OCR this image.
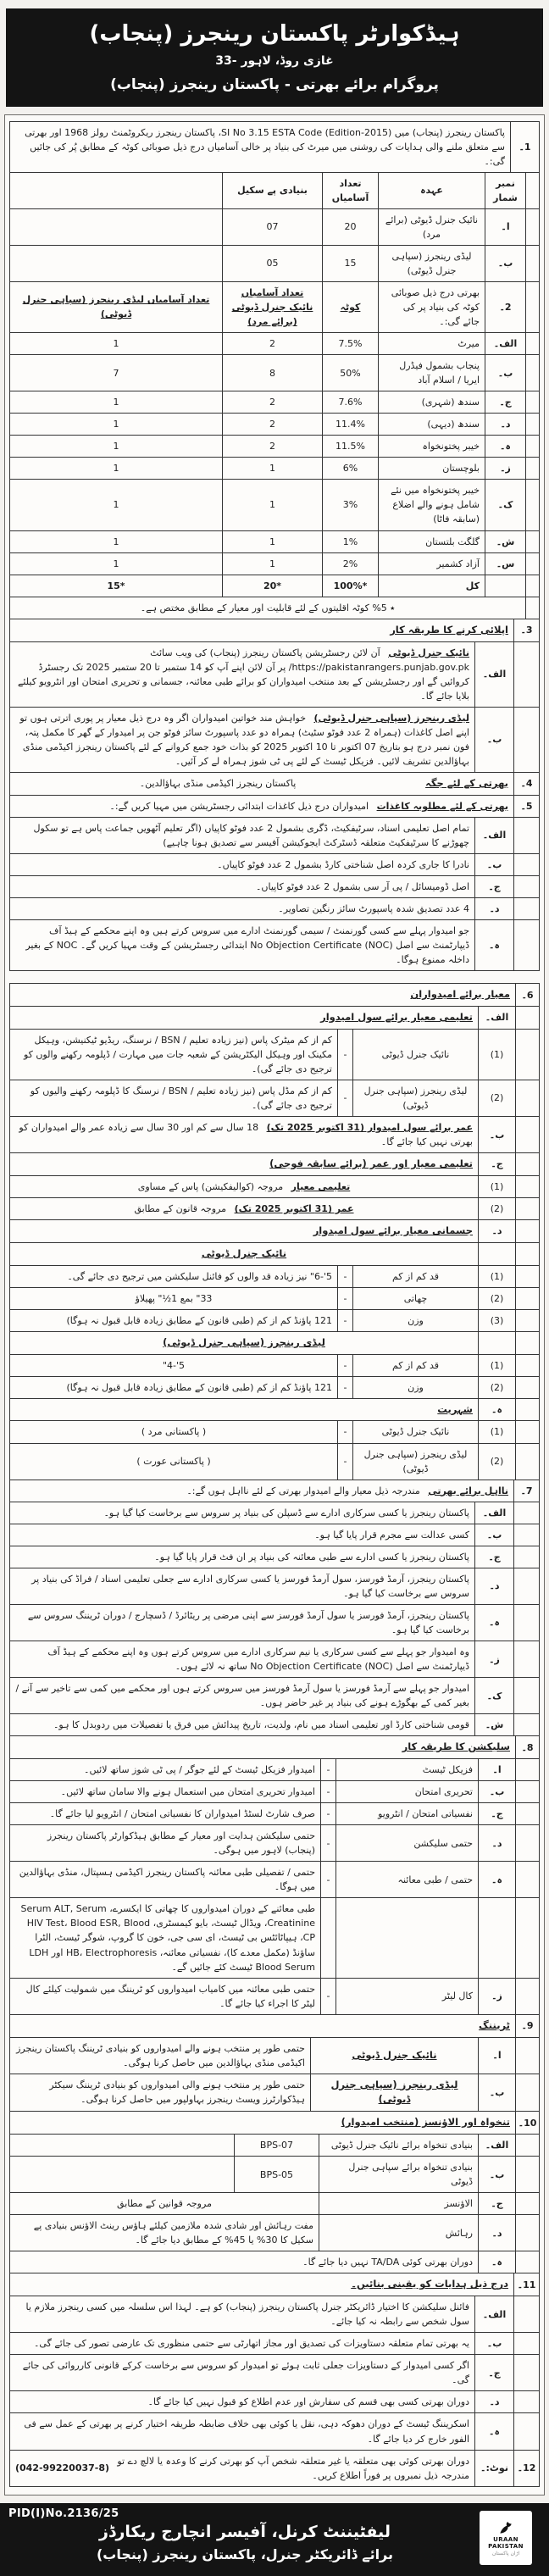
ہیڈکوارٹر پاکستان رینجرز (پنجاب)
غازی روڈ، لاہور -33
پروگرام برائے بھرتی - پاکستان رینجرز (پنجاب)
1۔	پاکستان رینجرز (پنجاب) میں SI No 3.15 ESTA Code (Edition-2015)، پاکستان رینجرز ریکروٹمنٹ رولز 1968 اور بھرتی سے متعلق ملنے والی ہدایات کی روشنی میں میرٹ کی بنیاد پر خالی آسامیاں درج ذیل صوبائی کوٹہ کے مطابق پُر کی جائیں گی:۔
	نمبر شمار	عہدہ	تعداد آسامیاں	بنیادی پے سکیل	
	ا۔	نائیک جنرل ڈیوٹی (برائے مرد)	20	07	
	ب۔	لیڈی رینجرز (سپاہی جنرل ڈیوٹی)	15	05	
	2۔	بھرتی درج ذیل صوبائی کوٹہ کی بنیاد پر کی جائے گی:۔	کوٹہ	تعداد آسامیاں نائیک جنرل ڈیوٹی (برائے مرد)	تعداد آسامیاں لیڈی رینجرز (سپاہی جنرل ڈیوٹی)
	الف۔	میرٹ	7.5%	2	1
	ب۔	پنجاب بشمول فیڈرل ایریا / اسلام آباد	50%	8	7
	ج۔	سندھ (شہری)	7.6%	2	1
	د۔	سندھ (دیہی)	11.4%	2	1
	ہ۔	خیبر پختونخواہ	11.5%	2	1
	ز۔	بلوچستان	6%	1	1
	ک۔	خیبر پختونخواہ میں نئے شامل ہونے والے اضلاع (سابقہ فاٹا)	3%	1	1
	ش۔	گلگت بلتستان	1%	1	1
	س۔	آزاد کشمیر	2%	1	1
		کل	100%*	20*	15*
	٭ 5% کوٹہ اقلیتوں کے لئے قابلیت اور معیار کے مطابق مختص ہے۔				
3۔	اپلائی کرنے کا طریقہ کار	
	الف۔	نائیک جنرل ڈیوٹی آن لائن رجسٹریشن پاکستان رینجرز (پنجاب) کی ویب سائٹ https://pakistanrangers.punjab.gov.pk/ پر آن لائن اپنے آپ کو 14 ستمبر تا 20 ستمبر 2025 تک رجسٹرڈ کروائیں گے اور رجسٹریشن کے بعد منتخب امیدواران کو برائے طبی معائنہ، جسمانی و تحریری امتحان اور انٹرویو کیلئے بلایا جائے گا۔
	ب۔	لیڈی رینجرز (سپاہی جنرل ڈیوٹی) خواہش مند خواتین امیدواران اگر وہ درج ذیل معیار پر پوری اترتی ہوں تو اپنے اصل کاغذات (ہمراہ 2 عدد فوٹو سٹیٹ) ہمراہ دو عدد پاسپورٹ سائز فوٹو جن پر امیدوار کے گھر کا مکمل پتہ، فون نمبر درج ہو بتاریخ 07 اکتوبر تا 10 اکتوبر 2025 کو بذات خود جمع کروانے کے لئے پاکستان رینجرز اکیڈمی منڈی بہاؤالدین تشریف لائیں۔ فزیکل ٹیسٹ کے لئے پی ٹی شوز ہمراہ لے کر آئیں۔
4۔	
بھرتی کے لئے جگہ
پاکستان رینجرز اکیڈمی منڈی بہاؤالدین۔
5۔	بھرتی کے لئے مطلوبہ کاغذات امیدواران درج ذیل کاغذات ابتدائی رجسٹریشن میں مہیا کریں گے:۔	
	الف۔	تمام اصل تعلیمی اسناد، سرٹیفکیٹ، ڈگری بشمول 2 عدد فوٹو کاپیاں (اگر تعلیم آٹھویں جماعت پاس ہے تو سکول چھوڑنے کا سرٹیفکیٹ متعلقہ ڈسٹرکٹ ایجوکیشن آفیسر سے تصدیق ہونا چاہیے)
	ب۔	نادرا کا جاری کردہ اصل شناختی کارڈ بشمول 2 عدد فوٹو کاپیاں۔
	ج۔	اصل ڈومیسائل / پی آر سی بشمول 2 عدد فوٹو کاپیاں۔
	د۔	4 عدد تصدیق شدہ پاسپورٹ سائز رنگین تصاویر۔
	ہ۔	جو امیدوار پہلے سے کسی گورنمنٹ / سیمی گورنمنٹ ادارے میں سروس کرتے ہیں وہ اپنے محکمے کے ہیڈ آف ڈیپارٹمنٹ سے اصل No Objection Certificate (NOC) ابتدائی رجسٹریشن کے وقت مہیا کریں گے۔ NOC کے بغیر داخلہ ممنوع ہوگا۔
6۔	معیار برائے امیدواران			
	الف۔	تعلیمی معیار برائے سول امیدوار		
	(1)	نائیک جنرل ڈیوٹی	-	کم از کم میٹرک پاس (نیز زیادہ تعلیم / BSN / نرسنگ، ریڈیو ٹیکنیشن، وہیکل مکینک اور وہیکل الیکٹریشن کے شعبہ جات میں مہارت / ڈپلومہ رکھنے والوں کو ترجیح دی جائے گی)۔
	(2)	لیڈی رینجرز (سپاہی جنرل ڈیوٹی)	-	کم از کم مڈل پاس (نیز زیادہ تعلیم / BSN / نرسنگ کا ڈپلومہ رکھنے والیوں کو ترجیح دی جائے گی)۔
	ب۔	عمر برائے سول امیدوار (31 اکتوبر 2025 تک) 18 سال سے کم اور 30 سال سے زیادہ عمر والے امیدواران کو بھرتی نہیں کیا جائے گا۔		
	ج۔	تعلیمی معیار اور عمر (برائے سابقہ فوجی)		
	(1)	تعلیمی معیار مروجہ (کوالیفکیشن) پاس کے مساوی		
	(2)	عمر (31 اکتوبر 2025 تک) مروجہ قانون کے مطابق		
	د۔	جسمانی معیار برائے سول امیدوار		
		نائیک جنرل ڈیوٹی		
	(1)	قد کم از کم	-	5'-6" نیز زیادہ قد والوں کو فائنل سلیکشن میں ترجیح دی جائے گی۔
	(2)	چھاتی	-	33" بمع 1½" پھیلاؤ
	(3)	وزن	-	121 پاؤنڈ کم از کم (طبی قانون کے مطابق زیادہ قابل قبول نہ ہوگا)
		لیڈی رینجرز (سپاہی جنرل ڈیوٹی)		
	(1)	قد کم از کم	-	5'-4"
	(2)	وزن	-	121 پاؤنڈ کم از کم (طبی قانون کے مطابق زیادہ قابل قبول نہ ہوگا)
	ہ۔	شہریت		
	(1)	نائیک جنرل ڈیوٹی	-	( پاکستانی مرد )
	(2)	لیڈی رینجرز (سپاہی جنرل ڈیوٹی)	-	( پاکستانی عورت )
7۔	نااہل برائے بھرتی مندرجہ ذیل معیار والے امیدوار بھرتی کے لئے نااہل ہوں گے:۔	
	الف۔	پاکستان رینجرز یا کسی سرکاری ادارے سے ڈسپلن کی بنیاد پر سروس سے برخاست کیا گیا ہو۔
	ب۔	کسی عدالت سے مجرم قرار پایا گیا ہو۔
	ج۔	پاکستان رینجرز یا کسی ادارے سے طبی معائنہ کی بنیاد پر ان فٹ قرار پایا گیا ہو۔
	د۔	پاکستان رینجرز، آرمڈ فورسز، سول آرمڈ فورسز یا کسی سرکاری ادارے سے جعلی تعلیمی اسناد / فراڈ کی بنیاد پر سروس سے برخاست کیا گیا ہو۔
	ہ۔	پاکستان رینجرز، آرمڈ فورسز یا سول آرمڈ فورسز سے اپنی مرضی پر ریٹائرڈ / ڈسچارج / دوران ٹریننگ سروس سے برخاست کیا گیا ہو۔
	ز۔	وہ امیدوار جو پہلے سے کسی سرکاری یا نیم سرکاری ادارے میں سروس کرتے ہوں وہ اپنے محکمے کے ہیڈ آف ڈیپارٹمنٹ سے اصل No Objection Certificate (NOC) ساتھ نہ لائے ہوں۔
	ک۔	امیدوار جو پہلے سے آرمڈ فورسز یا سول آرمڈ فورسز میں سروس کرتے ہوں اور محکمے میں کمی سے تاخیر سے آنے / بغیر کمی کے بھگوڑے ہونے کی بنیاد پر غیر حاضر ہوں۔
	ش۔	قومی شناختی کارڈ اور تعلیمی اسناد میں نام، ولدیت، تاریخ پیدائش میں فرق یا تفصیلات میں ردوبدل کا ہو۔
8۔	سلیکشن کا طریقہ کار			
	ا۔	فزیکل ٹیسٹ	-	امیدوار فزیکل ٹیسٹ کے لئے جوگر / پی ٹی شوز ساتھ لائیں۔
	ب۔	تحریری امتحان	-	امیدوار تحریری امتحان میں استعمال ہونے والا سامان ساتھ لائیں۔
	ج۔	نفسیاتی امتحان / انٹرویو	-	صرف شارٹ لسٹڈ امیدواران کا نفسیاتی امتحان / انٹرویو لیا جائے گا۔
	د۔	حتمی سلیکشن	-	حتمی سلیکشن ہدایت اور معیار کے مطابق ہیڈکوارٹر پاکستان رینجرز (پنجاب) لاہور میں ہوگی۔
	ہ۔	حتمی / طبی معائنہ	-	حتمی / تفصیلی طبی معائنہ پاکستان رینجرز اکیڈمی ہسپتال، منڈی بہاؤالدین میں ہوگا۔
				طبی معائنے کے دوران امیدواروں کا چھاتی کا ایکسرے، Serum ALT, Serum Creatinine، ویڈال ٹیسٹ، بایو کیمسٹری، HIV Test، Blood ESR, Blood CP، ہیپاٹائٹس بی ٹیسٹ، ای سی جی، خون کا گروپ، شوگر ٹیسٹ، الٹرا ساؤنڈ (مکمل معدے کا)، نفسیاتی معائنہ، HB، Electrophoresis اور LDH Blood Serum ٹیسٹ کئے جائیں گے۔
	ز۔	کال لیٹر	-	حتمی طبی معائنہ میں کامیاب امیدواروں کو ٹریننگ میں شمولیت کیلئے کال لیٹر کا اجراء کیا جائے گا۔
9۔	ٹریننگ		
	ا۔	نائیک جنرل ڈیوٹی	حتمی طور پر منتخب ہونے والے امیدواروں کو بنیادی ٹریننگ پاکستان رینجرز اکیڈمی منڈی بہاؤالدین میں حاصل کرنا ہوگی۔
	ب۔	لیڈی رینجرز (سپاہی جنرل ڈیوٹی)	حتمی طور پر منتخب ہونے والی امیدواروں کو بنیادی ٹریننگ سیکٹر ہیڈکوارٹرز ویسٹ رینجرز بہاولپور میں حاصل کرنا ہوگی۔
10۔	تنخواہ اور الاؤنسز (منتخب امیدوار)			
	الف۔	بنیادی تنخواہ برائے نائیک جنرل ڈیوٹی	BPS-07	
	ب۔	بنیادی تنخواہ برائے سپاہی جنرل ڈیوٹی	BPS-05	
	ج۔	الاؤنسز	مروجہ قوانین کے مطابق	
	د۔	رہائش	مفت رہائش اور شادی شدہ ملازمین کیلئے ہاؤس رینٹ الاؤنس بنیادی پے سکیل کا 30% یا 45% کے مطابق دیا جائے گا۔	
	ہ۔	دوران بھرتی کوئی TA/DA نہیں دیا جائے گا۔		
11۔	درج ذیل ہدایات کو یقینی بنائیں۔	
	الف۔	فائنل سلیکشن کا اختیار ڈائریکٹر جنرل پاکستان رینجرز (پنجاب) کو ہے۔ لہذا اس سلسلہ میں کسی رینجرز ملازم یا سول شخص سے رابطہ نہ کیا جائے۔
	ب۔	یہ بھرتی تمام متعلقہ دستاویزات کی تصدیق اور مجاز اتھارٹی سے حتمی منظوری تک عارضی تصور کی جائے گی۔
	ج۔	اگر کسی امیدوار کے دستاویزات جعلی ثابت ہوئے تو امیدوار کو سروس سے برخاست کرکے قانونی کارروائی کی جائے گی۔
	د۔	دوران بھرتی کسی بھی قسم کی سفارش اور عدم اطلاع کو قبول نہیں کیا جائے گا۔
	ہ۔	اسکریننگ ٹیسٹ کے دوران دھوکہ دہی، نقل یا کوئی بھی خلاف ضابطہ طریقہ اختیار کرنے پر بھرتی کے عمل سے فی الفور خارج کر دیا جائے گا۔
12۔	نوٹ:۔	
دوران بھرتی کوئی بھی متعلقہ یا غیر متعلقہ شخص آپ کو بھرتی کرنے کا وعدہ یا لالچ دے تو مندرجہ ذیل نمبروں پر فوراً اطلاع کریں۔
(042-99220037-8)
PID(I)No.2136/25
لیفٹیننٹ کرنل، آفیسر انچارج ریکارڈز
برائے ڈائریکٹر جنرل، پاکستان رینجرز (پنجاب)
URAAN
PAKISTAN
اڑان پاکستان
